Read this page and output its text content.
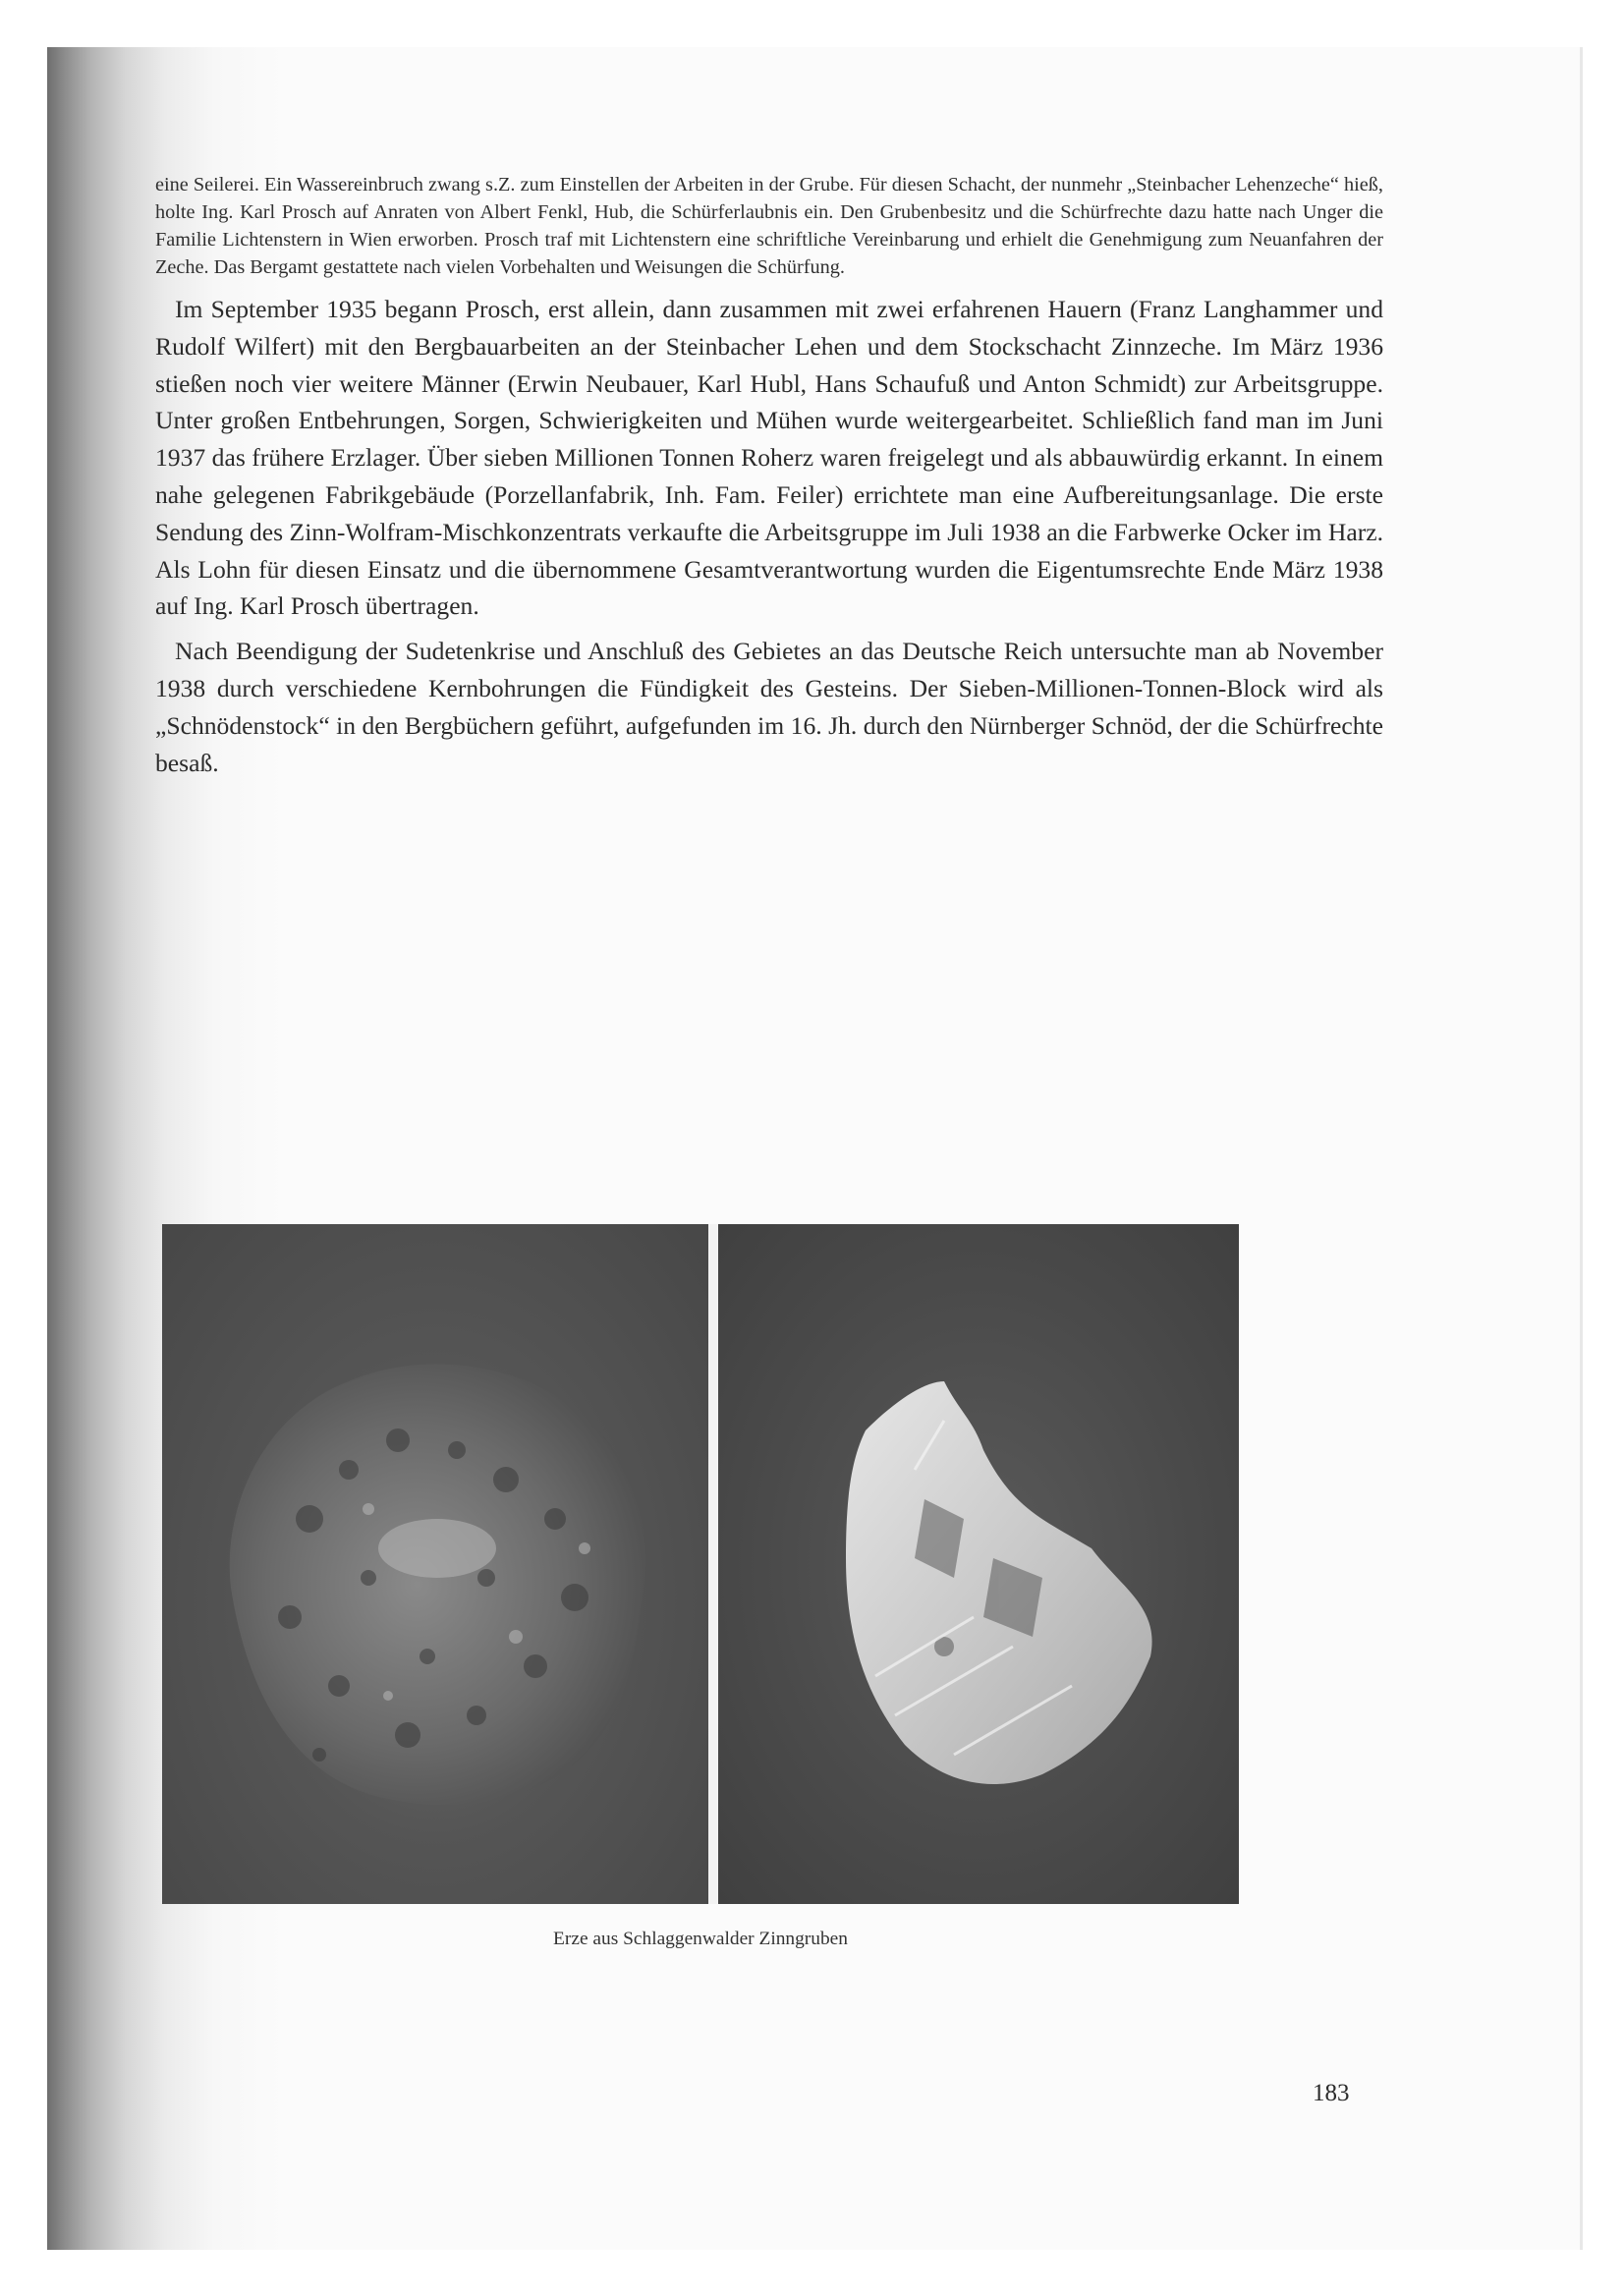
eine Seilerei. Ein Wassereinbruch zwang s.Z. zum Einstellen der Arbeiten in der Grube. Für diesen Schacht, der nunmehr „Steinbacher Lehenzeche“ hieß, holte Ing. Karl Prosch auf Anraten von Albert Fenkl, Hub, die Schürferlaubnis ein. Den Grubenbesitz und die Schürfrechte dazu hatte nach Unger die Familie Lichtenstern in Wien erworben. Prosch traf mit Lichtenstern eine schriftliche Vereinbarung und erhielt die Genehmigung zum Neuanfahren der Zeche. Das Bergamt gestattete nach vielen Vorbehalten und Weisungen die Schürfung.

Im September 1935 begann Prosch, erst allein, dann zusammen mit zwei erfahrenen Hauern (Franz Langhammer und Rudolf Wilfert) mit den Bergbauarbeiten an der Steinbacher Lehen und dem Stockschacht Zinnzeche. Im März 1936 stießen noch vier weitere Männer (Erwin Neubauer, Karl Hubl, Hans Schaufuß und Anton Schmidt) zur Arbeitsgruppe. Unter großen Entbehrungen, Sorgen, Schwierigkeiten und Mühen wurde weitergearbeitet. Schließlich fand man im Juni 1937 das frühere Erzlager. Über sieben Millionen Tonnen Roherz waren freigelegt und als abbauwürdig erkannt. In einem nahe gelegenen Fabrikgebäude (Porzellanfabrik, Inh. Fam. Feiler) errichtete man eine Aufbereitungsanlage. Die erste Sendung des Zinn-Wolfram-Mischkonzentrats verkaufte die Arbeitsgruppe im Juli 1938 an die Farbwerke Ocker im Harz. Als Lohn für diesen Einsatz und die übernommene Gesamtverantwortung wurden die Eigentumsrechte Ende März 1938 auf Ing. Karl Prosch übertragen.

Nach Beendigung der Sudetenkrise und Anschluß des Gebietes an das Deutsche Reich untersuchte man ab November 1938 durch verschiedene Kernbohrungen die Fündigkeit des Gesteins. Der Sieben-Millionen-Tonnen-Block wird als „Schnödenstock“ in den Bergbüchern geführt, aufgefunden im 16. Jh. durch den Nürnberger Schnöd, der die Schürfrechte besaß.

Erze aus Schlaggenwalder Zinngruben
183
